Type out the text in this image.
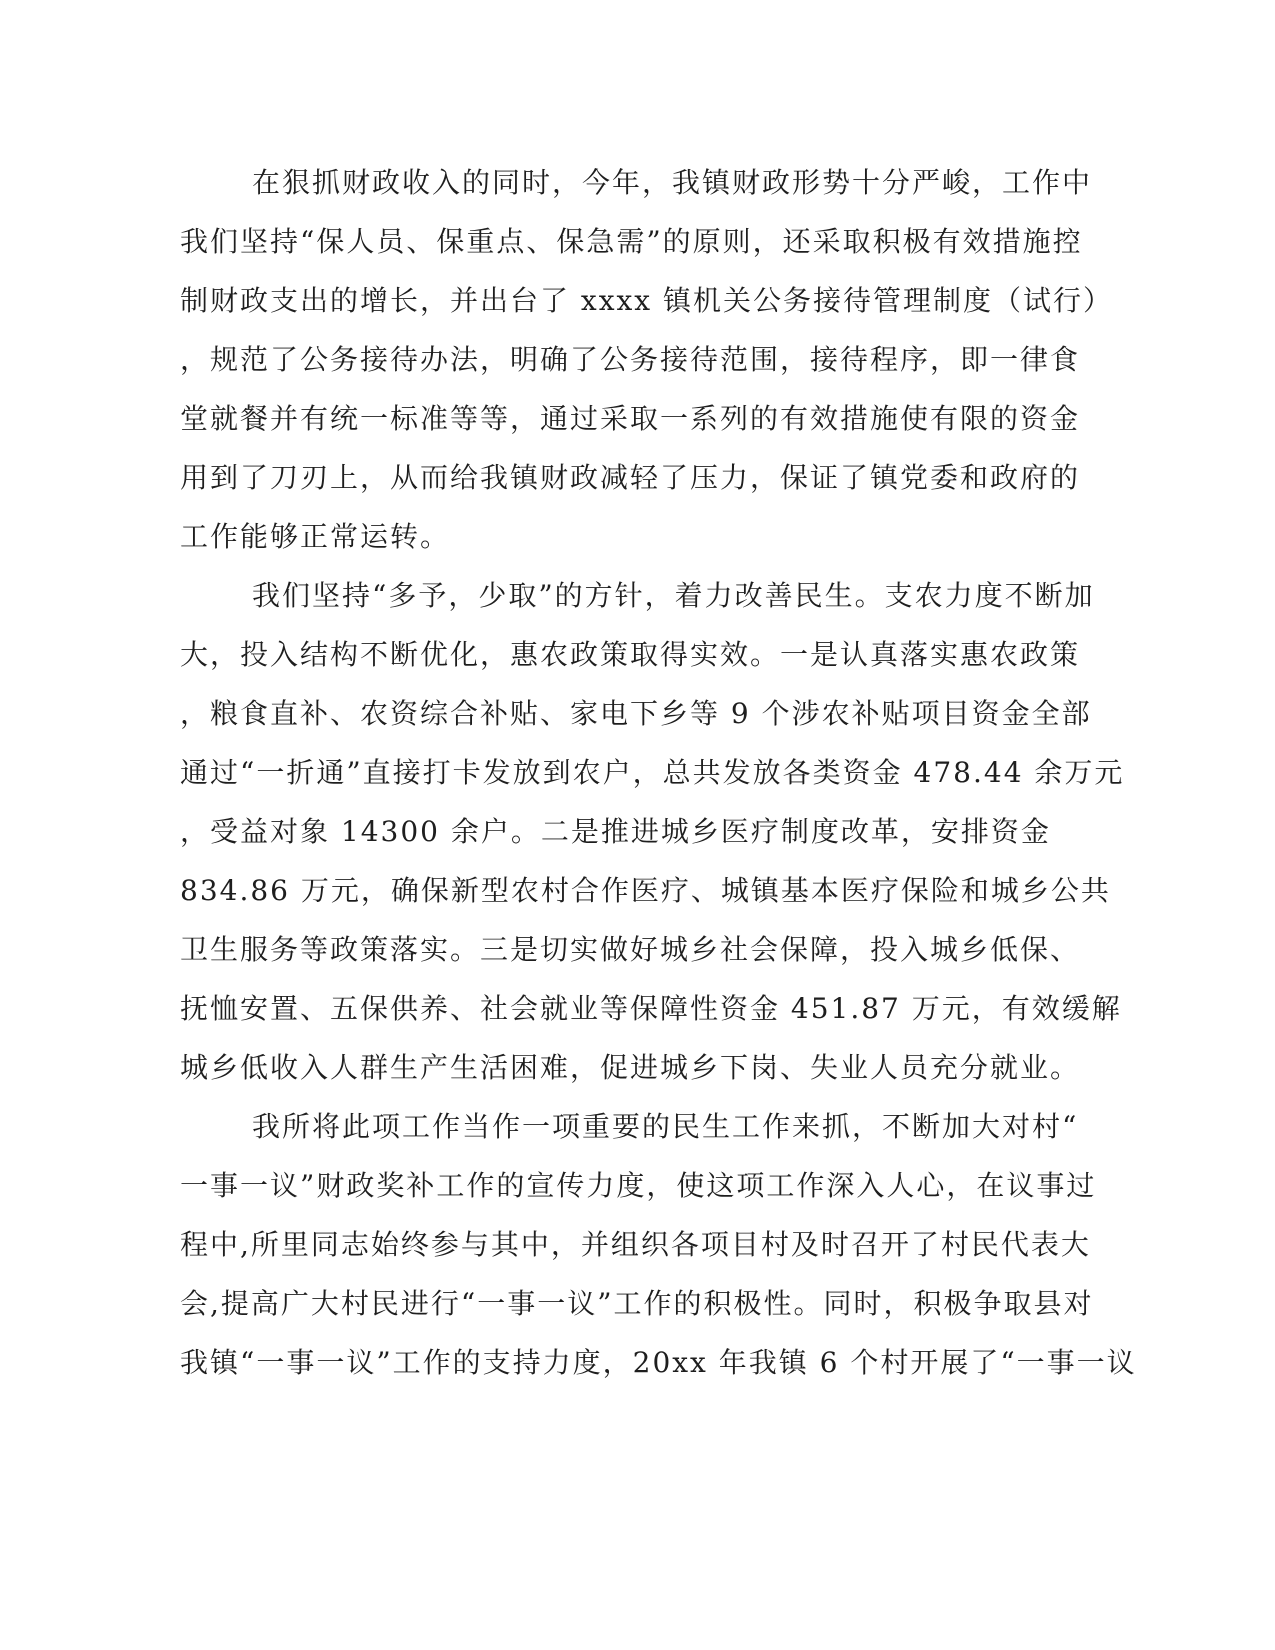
在狠抓财政收入的同时，今年，我镇财政形势十分严峻，工作中
我们坚持“保人员、保重点、保急需”的原则，还采取积极有效措施控
制财政支出的增长，并出台了 xxxx 镇机关公务接待管理制度（试行）
，规范了公务接待办法，明确了公务接待范围，接待程序，即一律食
堂就餐并有统一标准等等，通过采取一系列的有效措施使有限的资金
用到了刀刃上，从而给我镇财政减轻了压力，保证了镇党委和政府的
工作能够正常运转。
我们坚持“多予，少取”的方针，着力改善民生。支农力度不断加
大，投入结构不断优化，惠农政策取得实效。一是认真落实惠农政策
，粮食直补、农资综合补贴、家电下乡等 9 个涉农补贴项目资金全部
通过“一折通”直接打卡发放到农户，总共发放各类资金 478.44 余万元
，受益对象 14300 余户。二是推进城乡医疗制度改革，安排资金
834.86 万元，确保新型农村合作医疗、城镇基本医疗保险和城乡公共
卫生服务等政策落实。三是切实做好城乡社会保障，投入城乡低保、
抚恤安置、五保供养、社会就业等保障性资金 451.87 万元，有效缓解
城乡低收入人群生产生活困难，促进城乡下岗、失业人员充分就业。
我所将此项工作当作一项重要的民生工作来抓，不断加大对村“
一事一议”财政奖补工作的宣传力度，使这项工作深入人心，在议事过
程中,所里同志始终参与其中，并组织各项目村及时召开了村民代表大
会,提高广大村民进行“一事一议”工作的积极性。同时，积极争取县对
我镇“一事一议”工作的支持力度，20xx 年我镇 6 个村开展了“一事一议
